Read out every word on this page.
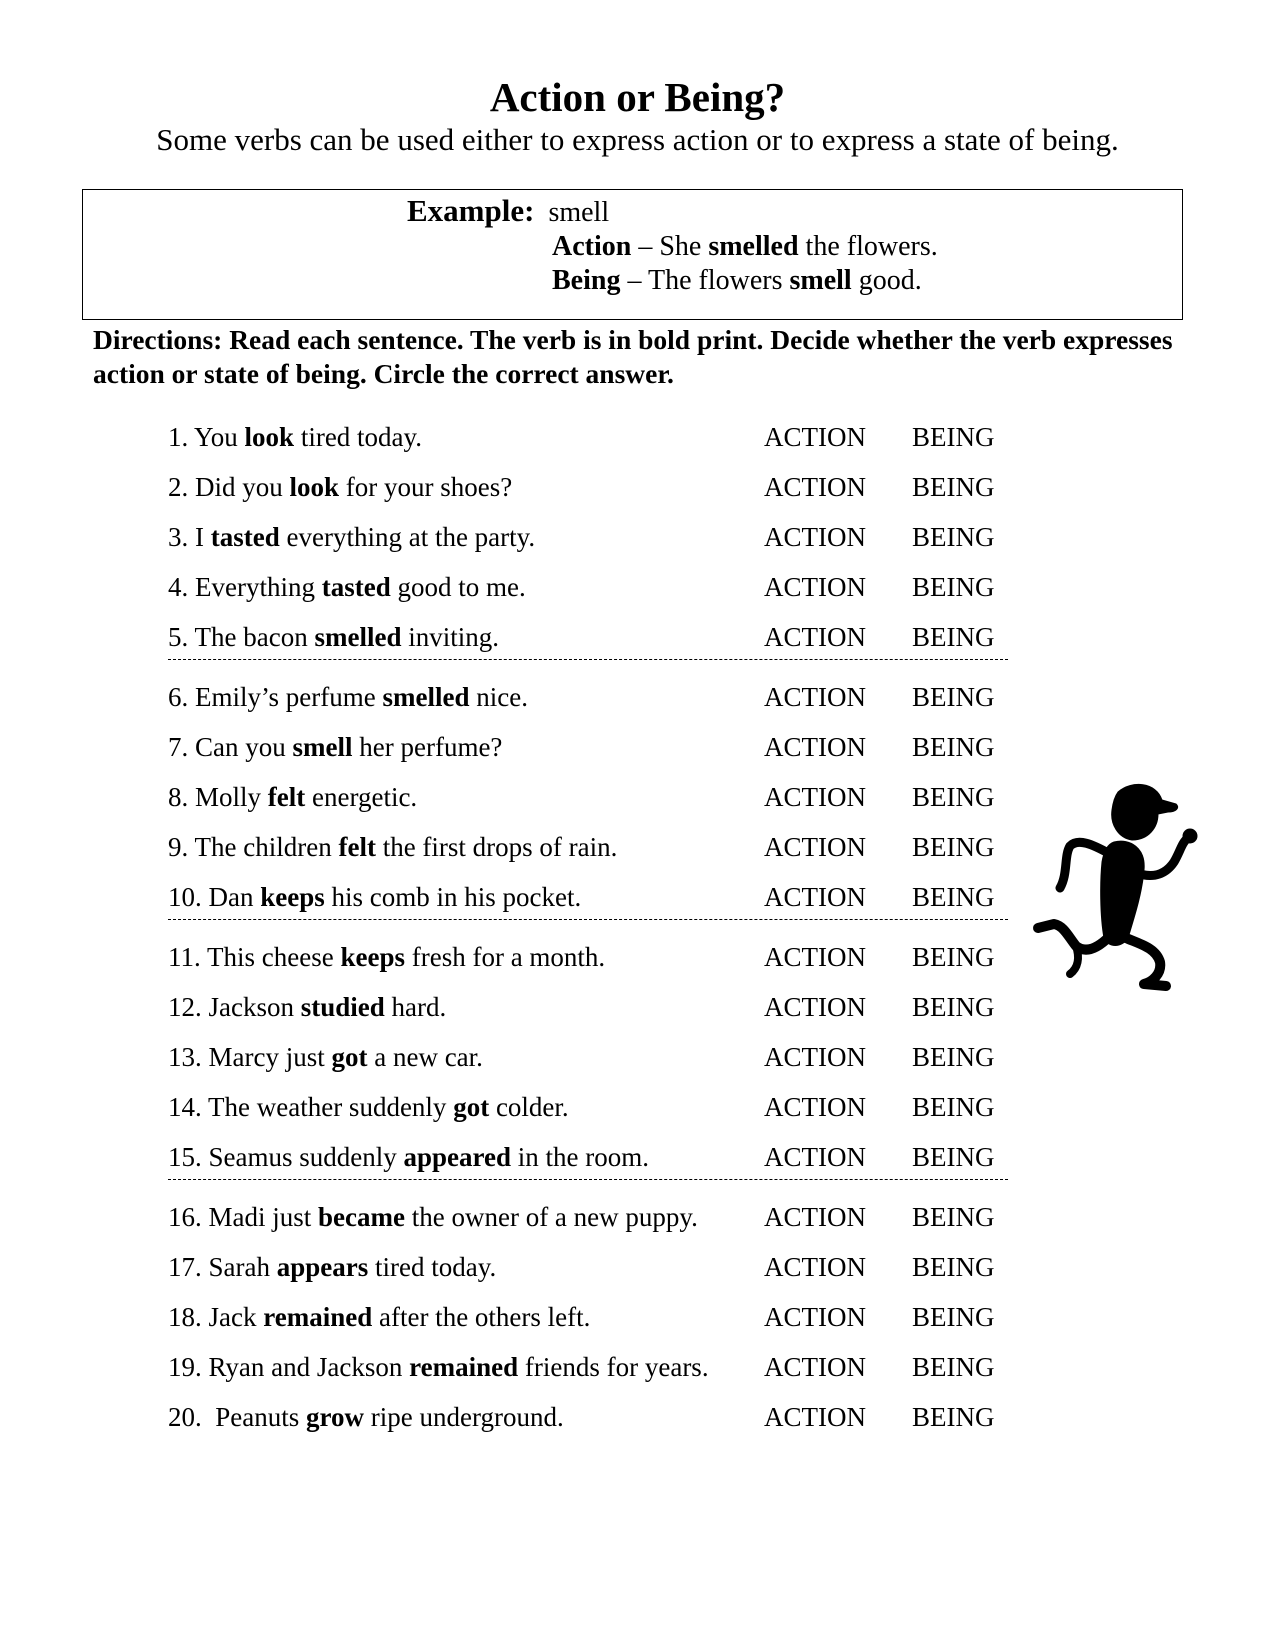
Action or Being?
Some verbs can be used either to express action or to express a state of being.
Example: smell
Action – She smelled the flowers.
Being – The flowers smell good.
Directions: Read each sentence. The verb is in bold print. Decide whether the verb expresses action or state of being. Circle the correct answer.
1. You look tired today.	ACTION BEING
2. Did you look for your shoes?	ACTION BEING
3. I tasted everything at the party.	ACTION BEING
4. Everything tasted good to me.	ACTION BEING
5. The bacon smelled inviting.	ACTION BEING
6. Emily’s perfume smelled nice.	ACTION BEING
7. Can you smell her perfume?	ACTION BEING
8. Molly felt energetic.	ACTION BEING
9. The children felt the first drops of rain.	ACTION BEING
10. Dan keeps his comb in his pocket.	ACTION BEING
11. This cheese keeps fresh for a month.	ACTION BEING
12. Jackson studied hard.	ACTION BEING
13. Marcy just got a new car.	ACTION BEING
14. The weather suddenly got colder.	ACTION BEING
15. Seamus suddenly appeared in the room.	ACTION BEING
16. Madi just became the owner of a new puppy. ACTION BEING
17. Sarah appears tired today.	ACTION BEING
18. Jack remained after the others left.	ACTION BEING
19. Ryan and Jackson remained friends for years. ACTION BEING
20.  Peanuts grow ripe underground.	ACTION BEING
